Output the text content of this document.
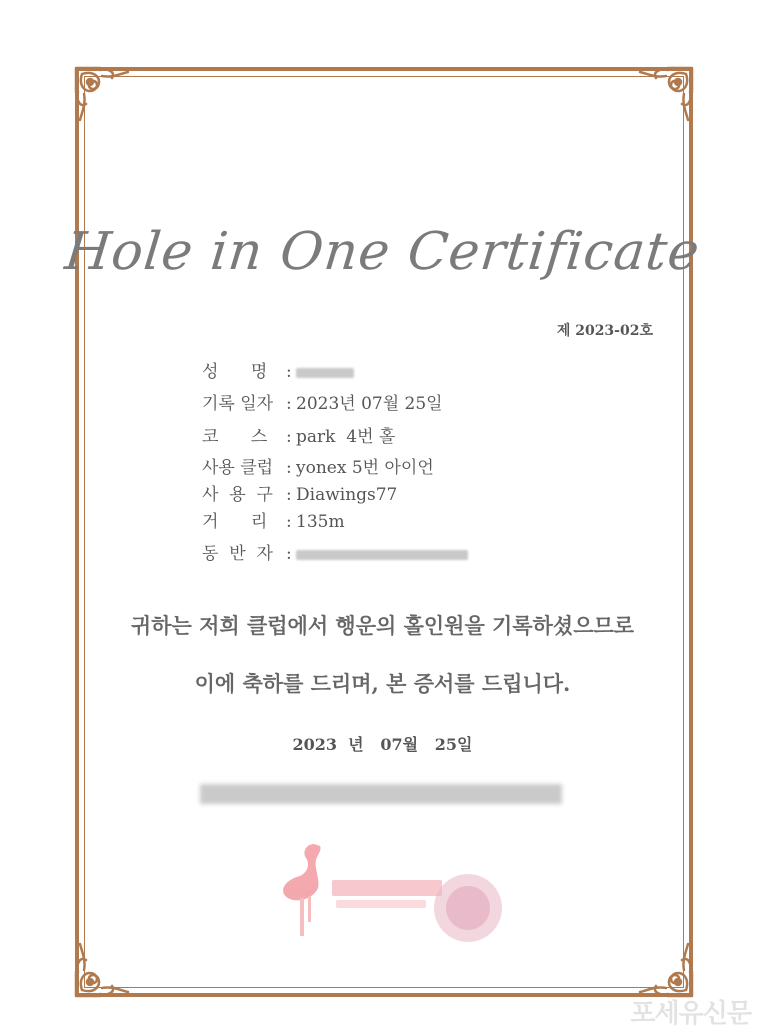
Hole in One Certificate
제 2023-02호
성      명 :
기록 일자 : 2023년 07월 25일
코      스 : park  4번 홀
사용 클럽 : yonex 5번 아이언
사  용  구 : Diawings77
거      리 : 135m
동  반  자 :
귀하는 저희 클럽에서 행운의 홀인원을 기록하셨으므로
이에 축하를 드리며, 본 증서를 드립니다.
2023  년   07월   25일
포세유신문
